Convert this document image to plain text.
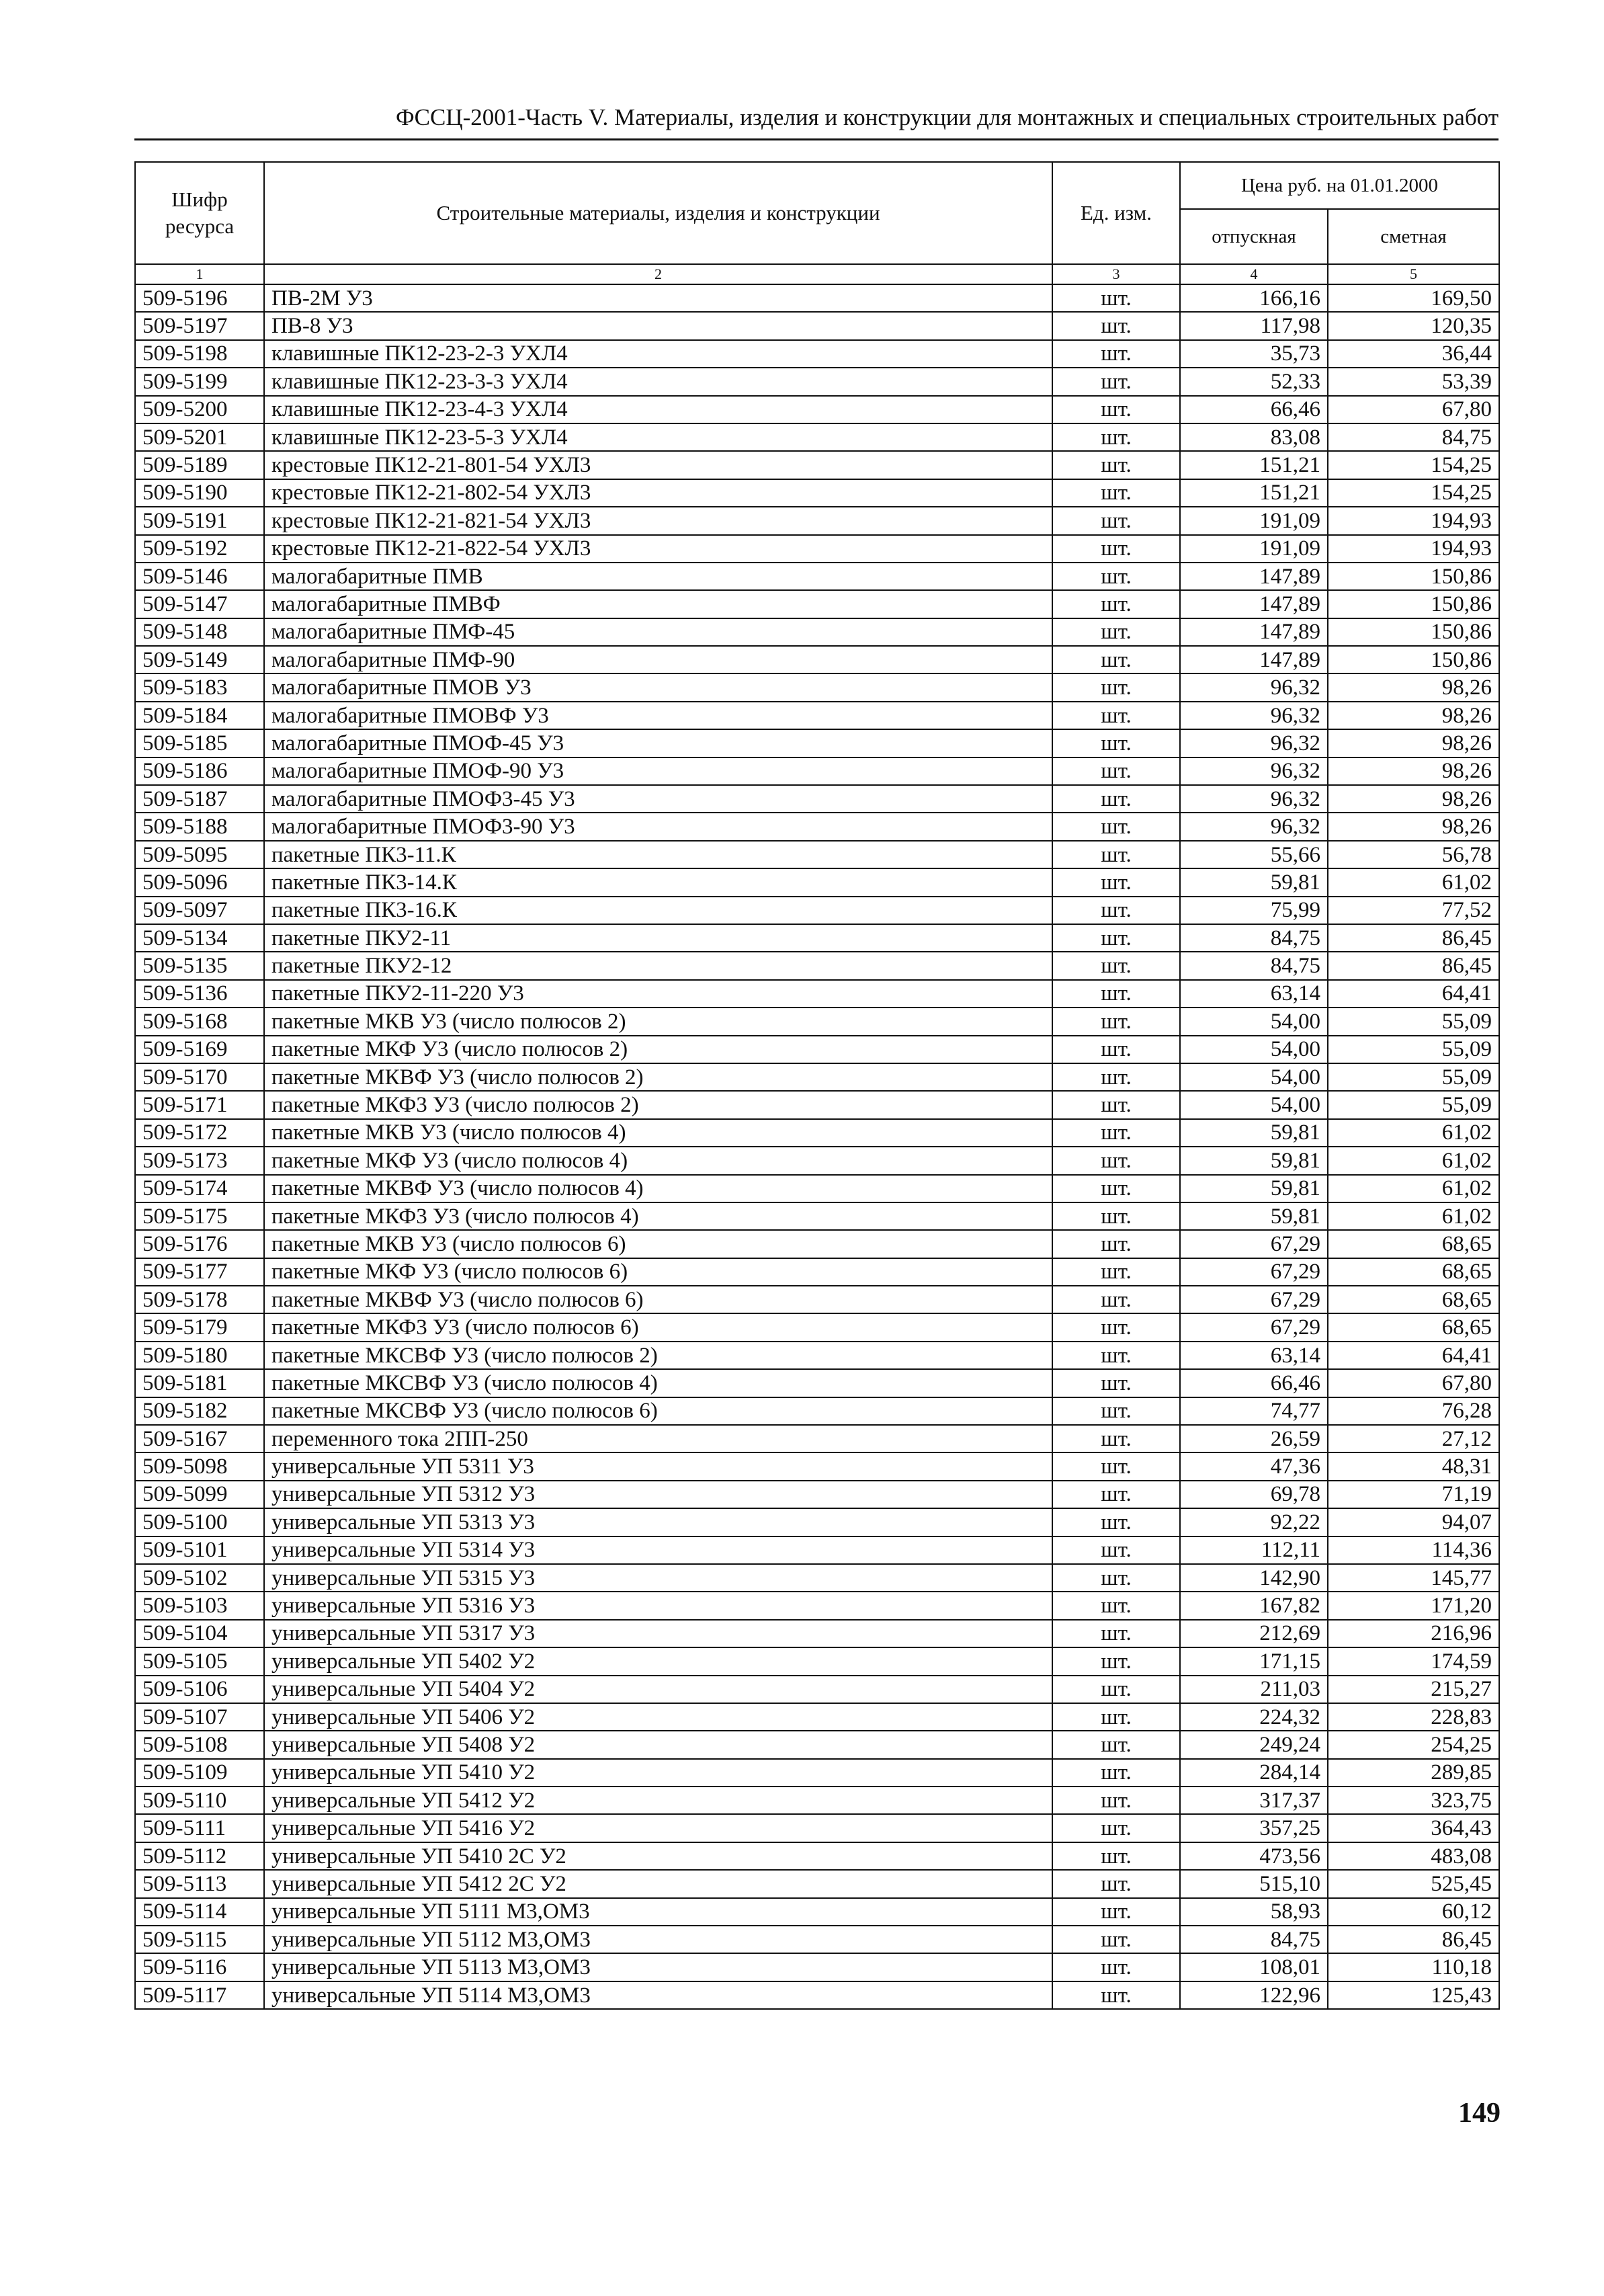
ФССЦ-2001-Часть V. Материалы, изделия и конструкции для монтажных и специальных строительных работ
Шифр ресурса	Строительные материалы, изделия и конструкции	Ед. изм.	Цена руб. на 01.01.2000	
			отпускная	сметная
1	2	3	4	5
509-5196	ПВ-2М У3	шт.	166,16	169,50
509-5197	ПВ-8 У3	шт.	117,98	120,35
509-5198	клавишные ПК12-23-2-3 УХЛ4	шт.	35,73	36,44
509-5199	клавишные ПК12-23-3-3 УХЛ4	шт.	52,33	53,39
509-5200	клавишные ПК12-23-4-3 УХЛ4	шт.	66,46	67,80
509-5201	клавишные ПК12-23-5-3 УХЛ4	шт.	83,08	84,75
509-5189	крестовые ПК12-21-801-54 УХЛ3	шт.	151,21	154,25
509-5190	крестовые ПК12-21-802-54 УХЛ3	шт.	151,21	154,25
509-5191	крестовые ПК12-21-821-54 УХЛ3	шт.	191,09	194,93
509-5192	крестовые ПК12-21-822-54 УХЛ3	шт.	191,09	194,93
509-5146	малогабаритные ПМВ	шт.	147,89	150,86
509-5147	малогабаритные ПМВФ	шт.	147,89	150,86
509-5148	малогабаритные ПМФ-45	шт.	147,89	150,86
509-5149	малогабаритные ПМФ-90	шт.	147,89	150,86
509-5183	малогабаритные ПМОВ У3	шт.	96,32	98,26
509-5184	малогабаритные ПМОВФ У3	шт.	96,32	98,26
509-5185	малогабаритные ПМОФ-45 У3	шт.	96,32	98,26
509-5186	малогабаритные ПМОФ-90 У3	шт.	96,32	98,26
509-5187	малогабаритные ПМОФ3-45 У3	шт.	96,32	98,26
509-5188	малогабаритные ПМОФ3-90 У3	шт.	96,32	98,26
509-5095	пакетные ПК3-11.К	шт.	55,66	56,78
509-5096	пакетные ПК3-14.К	шт.	59,81	61,02
509-5097	пакетные ПК3-16.К	шт.	75,99	77,52
509-5134	пакетные ПКУ2-11	шт.	84,75	86,45
509-5135	пакетные ПКУ2-12	шт.	84,75	86,45
509-5136	пакетные ПКУ2-11-220 У3	шт.	63,14	64,41
509-5168	пакетные МКВ У3 (число полюсов 2)	шт.	54,00	55,09
509-5169	пакетные МКФ У3 (число полюсов 2)	шт.	54,00	55,09
509-5170	пакетные МКВФ У3 (число полюсов 2)	шт.	54,00	55,09
509-5171	пакетные МКФ3 У3 (число полюсов 2)	шт.	54,00	55,09
509-5172	пакетные МКВ У3 (число полюсов 4)	шт.	59,81	61,02
509-5173	пакетные МКФ У3 (число полюсов 4)	шт.	59,81	61,02
509-5174	пакетные МКВФ У3 (число полюсов 4)	шт.	59,81	61,02
509-5175	пакетные МКФ3 У3 (число полюсов 4)	шт.	59,81	61,02
509-5176	пакетные МКВ У3 (число полюсов 6)	шт.	67,29	68,65
509-5177	пакетные МКФ У3 (число полюсов 6)	шт.	67,29	68,65
509-5178	пакетные МКВФ У3 (число полюсов 6)	шт.	67,29	68,65
509-5179	пакетные МКФ3 У3 (число полюсов 6)	шт.	67,29	68,65
509-5180	пакетные МКСВФ У3 (число полюсов 2)	шт.	63,14	64,41
509-5181	пакетные МКСВФ У3 (число полюсов 4)	шт.	66,46	67,80
509-5182	пакетные МКСВФ У3 (число полюсов 6)	шт.	74,77	76,28
509-5167	переменного тока 2ПП-250	шт.	26,59	27,12
509-5098	универсальные УП 5311 У3	шт.	47,36	48,31
509-5099	универсальные УП 5312 У3	шт.	69,78	71,19
509-5100	универсальные УП 5313 У3	шт.	92,22	94,07
509-5101	универсальные УП 5314 У3	шт.	112,11	114,36
509-5102	универсальные УП 5315 У3	шт.	142,90	145,77
509-5103	универсальные УП 5316 У3	шт.	167,82	171,20
509-5104	универсальные УП 5317 У3	шт.	212,69	216,96
509-5105	универсальные УП 5402 У2	шт.	171,15	174,59
509-5106	универсальные УП 5404 У2	шт.	211,03	215,27
509-5107	универсальные УП 5406 У2	шт.	224,32	228,83
509-5108	универсальные УП 5408 У2	шт.	249,24	254,25
509-5109	универсальные УП 5410 У2	шт.	284,14	289,85
509-5110	универсальные УП 5412 У2	шт.	317,37	323,75
509-5111	универсальные УП 5416 У2	шт.	357,25	364,43
509-5112	универсальные УП 5410 2С У2	шт.	473,56	483,08
509-5113	универсальные УП 5412 2С У2	шт.	515,10	525,45
509-5114	универсальные УП 5111 М3,ОМ3	шт.	58,93	60,12
509-5115	универсальные УП 5112 М3,ОМ3	шт.	84,75	86,45
509-5116	универсальные УП 5113 М3,ОМ3	шт.	108,01	110,18
509-5117	универсальные УП 5114 М3,ОМ3	шт.	122,96	125,43
149
